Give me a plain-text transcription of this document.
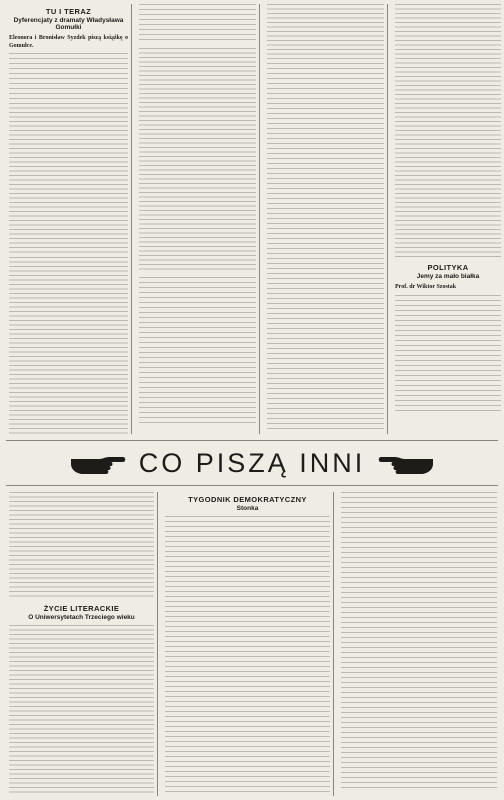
TU I TERAZ
Dyferencjaty z dramaty Władysława Gomułki
Eleonora i Bronisław Syzdek piszą książkę o Gomułce.
POLITYKA
Jemy za mało białka
Prof. dr Wiktor Szostak
CO PISZĄ INNI
ŻYCIE LITERACKIE
O Uniwersytetach Trzeciego wieku
TYGODNIK DEMOKRATYCZNY
Stonka
